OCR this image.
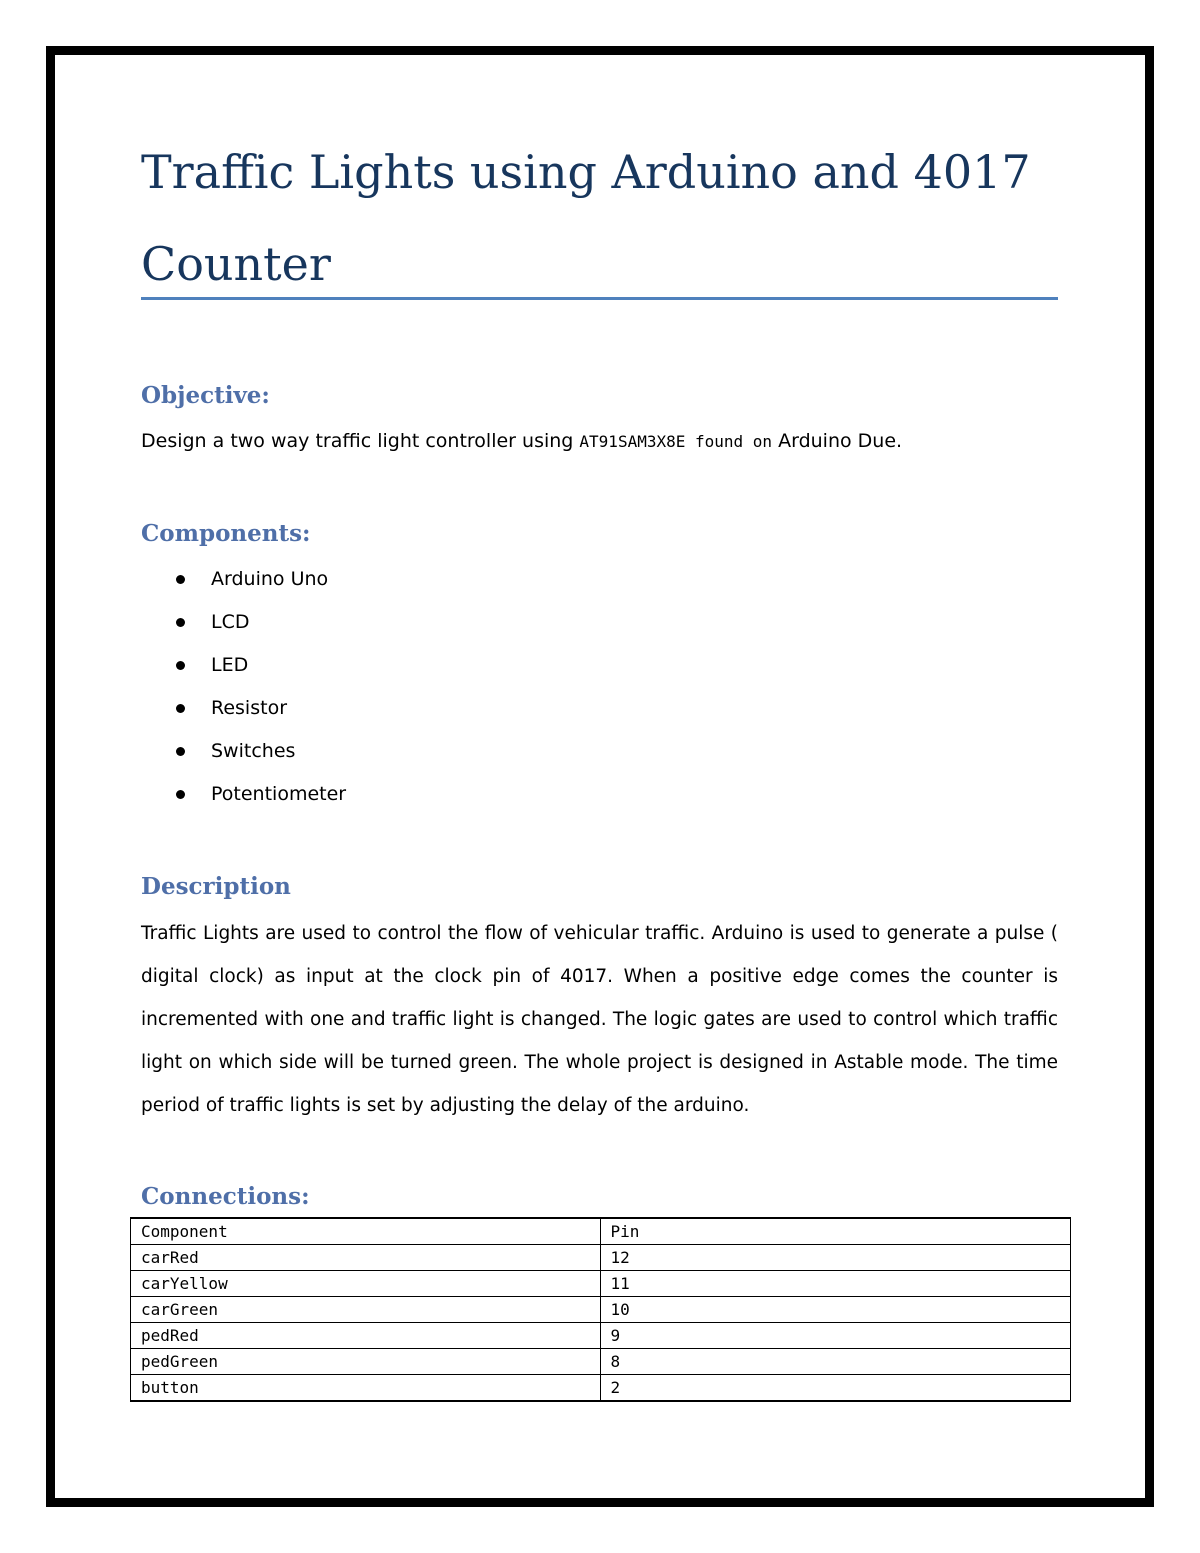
Traffic Lights using Arduino and 4017 Counter
Objective:

Design a two way traffic light controller using AT91SAM3X8E found on Arduino Due.

Components:
Arduino Uno
LCD
LED
Resistor
Switches
Potentiometer
Description

Traffic Lights are used to control the flow of vehicular traffic. Arduino is used to generate a pulse ( digital clock) as input at the clock pin of 4017. When a positive edge comes the counter is incremented with one and traffic light is changed. The logic gates are used to control which traffic light on which side will be turned green. The whole project is designed in Astable mode. The time period of traffic lights is set by adjusting the delay of the arduino.

Connections:
Component	Pin
carRed	12
carYellow	11
carGreen	10
pedRed	9
pedGreen	8
button	2
